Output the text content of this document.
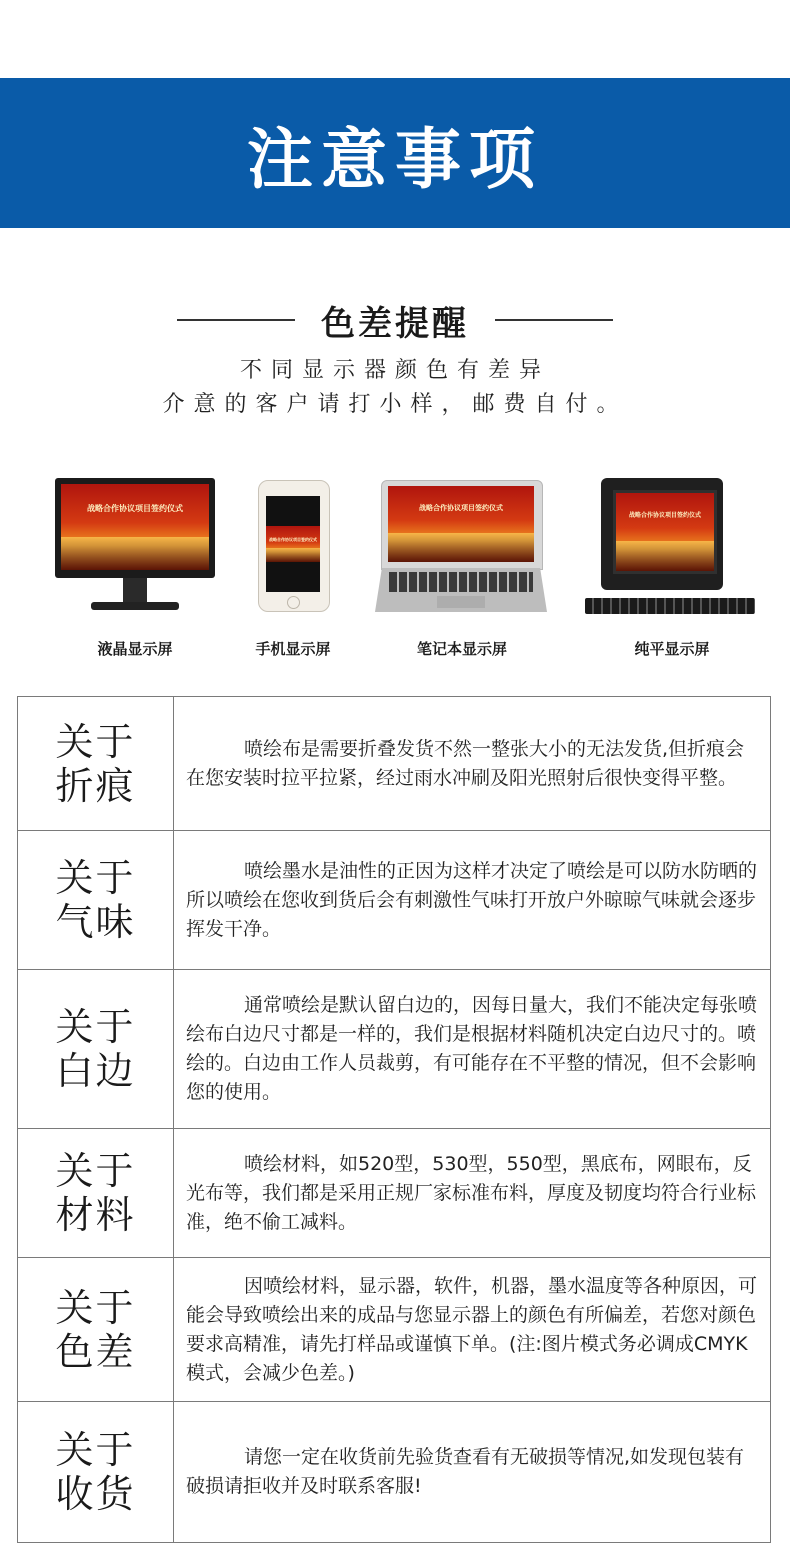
注意事项
色差提醒
不同显示器颜色有差异
介意的客户请打小样，邮费自付。
战略合作协议项目签约仪式
液晶显示屏
战略合作协议项目签约仪式
手机显示屏
战略合作协议项目签约仪式
笔记本显示屏
战略合作协议项目签约仪式
纯平显示屏
关于
折痕

喷绘布是需要折叠发货不然一整张大小的无法发货,但折痕会在您安装时拉平拉紧，经过雨水冲刷及阳光照射后很快变得平整。

关于
气味

喷绘墨水是油性的正因为这样才决定了喷绘是可以防水防晒的所以喷绘在您收到货后会有刺激性气味打开放户外晾晾气味就会逐步挥发干净。

关于
白边

通常喷绘是默认留白边的，因每日量大，我们不能决定每张喷绘布白边尺寸都是一样的，我们是根据材料随机决定白边尺寸的。喷绘的。白边由工作人员裁剪，有可能存在不平整的情况，但不会影响您的使用。

关于
材料

喷绘材料，如520型，530型，550型，黑底布，网眼布，反光布等，我们都是采用正规厂家标准布料，厚度及韧度均符合行业标准，绝不偷工减料。

关于
色差

因喷绘材料，显示器，软件，机器，墨水温度等各种原因，可能会导致喷绘出来的成品与您显示器上的颜色有所偏差，若您对颜色要求高精准，请先打样品或谨慎下单。(注:图片模式务必调成CMYK模式，会减少色差。)

关于
收货

请您一定在收货前先验货查看有无破损等情况,如发现包装有破损请拒收并及时联系客服!
